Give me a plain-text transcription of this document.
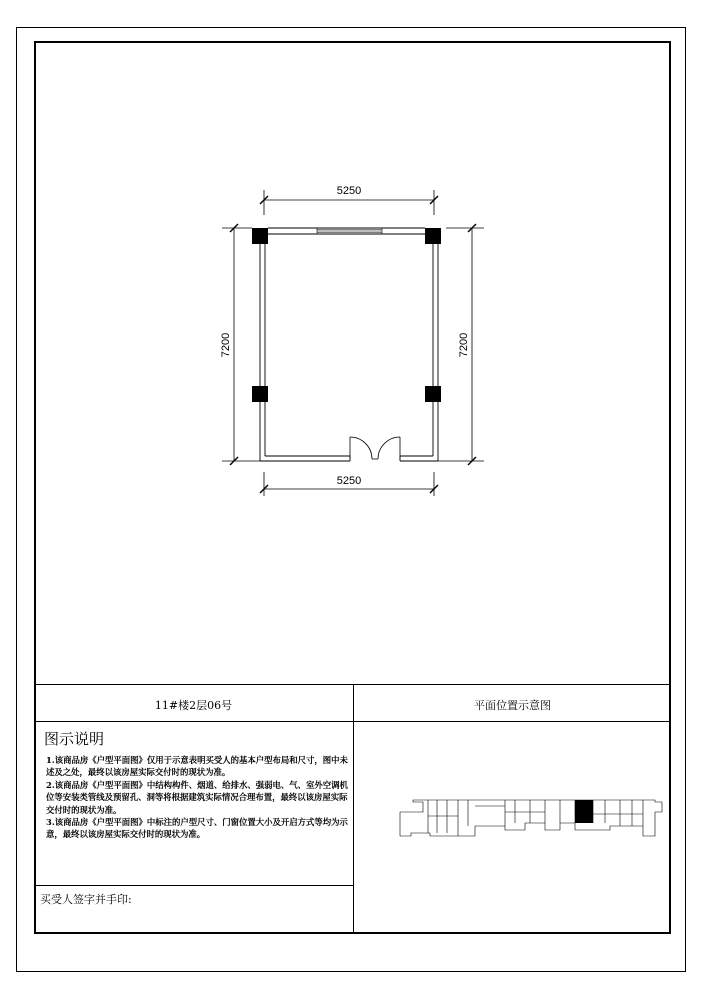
5250
5250
7200	7200
11#楼2层06号	平面位置示意图
图示说明

1.该商品房《户型平面图》仅用于示意表明买受人的基本户型布局和尺寸，图中未述及之处，最终以该房屋实际交付时的现状为准。

2.该商品房《户型平面图》中结构构件、烟道、给排水、强弱电、气、室外空调机位等安装类管线及预留孔、洞等将根据建筑实际情况合理布置，最终以该房屋实际交付时的现状为准。

3.该商品房《户型平面图》中标注的户型尺寸、门窗位置大小及开启方式等均为示意，最终以该房屋实际交付时的现状为准。

买受人签字并手印:
